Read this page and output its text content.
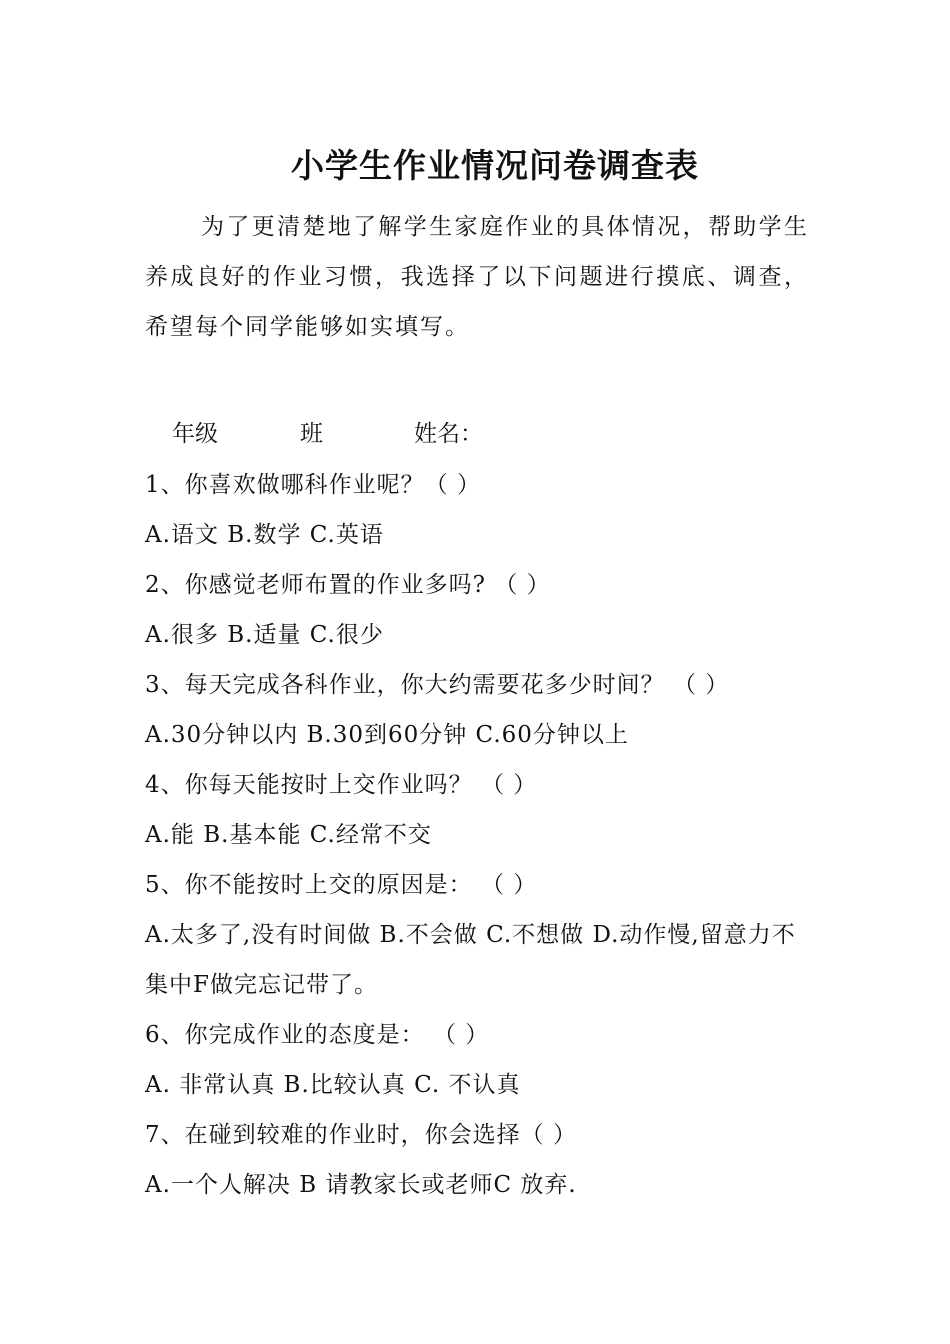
小学生作业情况问卷调查表

为了更清楚地了解学生家庭作业的具体情况，帮助学生养成良好的作业习惯，我选择了以下问题进行摸底、调查，希望每个同学能够如实填写。

年级	班	姓名：
1、你喜欢做哪科作业呢？（ ）
A.语文 B.数学 C.英语
2、你感觉老师布置的作业多吗? （ ）
A.很多 B.适量 C.很少
3、每天完成各科作业，你大约需要花多少时间？ （ ）
A.30分钟以内 B.30到60分钟 C.60分钟以上
4、你每天能按时上交作业吗？ （ ）
A.能 B.基本能 C.经常不交
5、你不能按时上交的原因是： （ ）
A.太多了,没有时间做 B.不会做 C.不想做 D.动作慢,留意力不集中F做完忘记带了。
6、你完成作业的态度是： （ ）
A. 非常认真 B.比较认真 C. 不认真
7、在碰到较难的作业时，你会选择（ ）
A.一个人解决 B 请教家长或老师C 放弃.
